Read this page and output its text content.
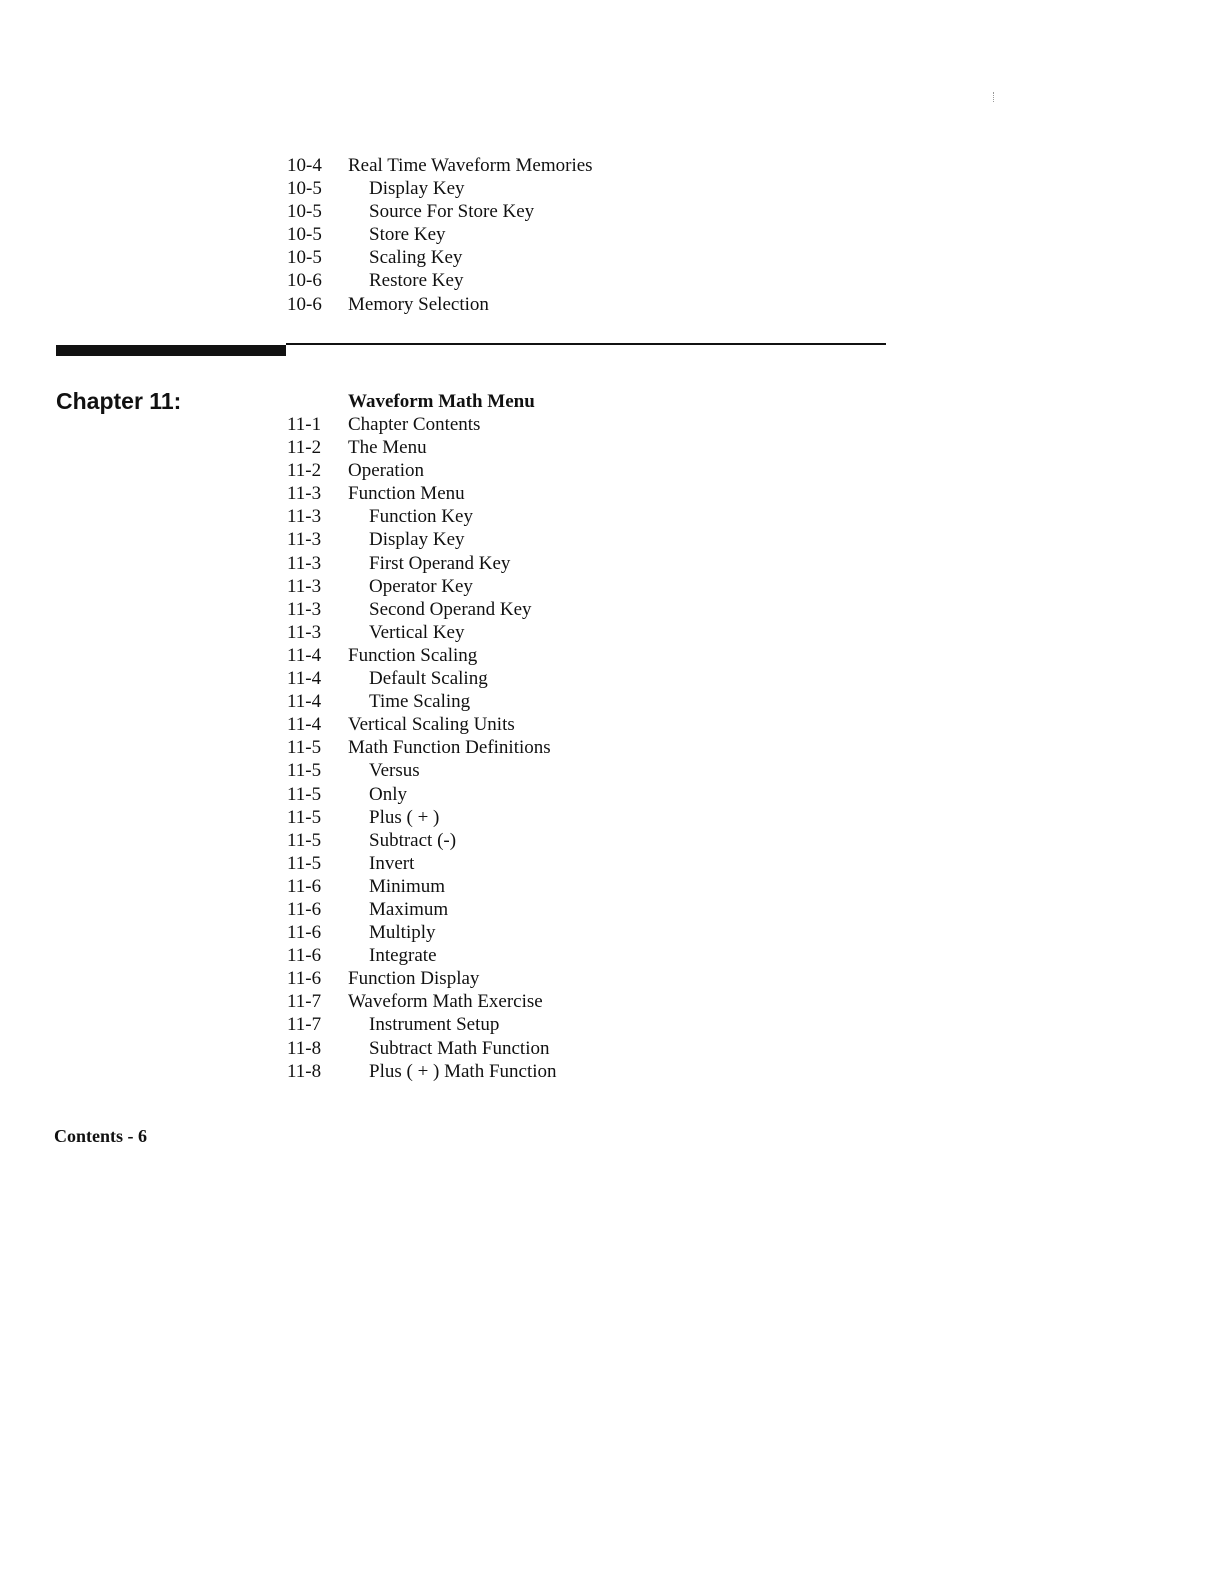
10-4	Real Time Waveform Memories
10-5	Display Key
10-5	Source For Store Key
10-5	Store Key
10-5	Scaling Key
10-6	Restore Key
10-6	Memory Selection
Chapter 11:	Waveform Math Menu
11-1	Chapter Contents
11-2	The Menu
11-2	Operation
11-3	Function Menu
11-3	Function Key
11-3	Display Key
11-3	First Operand Key
11-3	Operator Key
11-3	Second Operand Key
11-3	Vertical Key
11-4	Function Scaling
11-4	Default Scaling
11-4	Time Scaling
11-4	Vertical Scaling Units
11-5	Math Function Definitions
11-5	Versus
11-5	Only
11-5	Plus ( + )
11-5	Subtract (-)
11-5	Invert
11-6	Minimum
11-6	Maximum
11-6	Multiply
11-6	Integrate
11-6	Function Display
11-7	Waveform Math Exercise
11-7	Instrument Setup
11-8	Subtract Math Function
11-8	Plus ( + ) Math Function
Contents - 6
